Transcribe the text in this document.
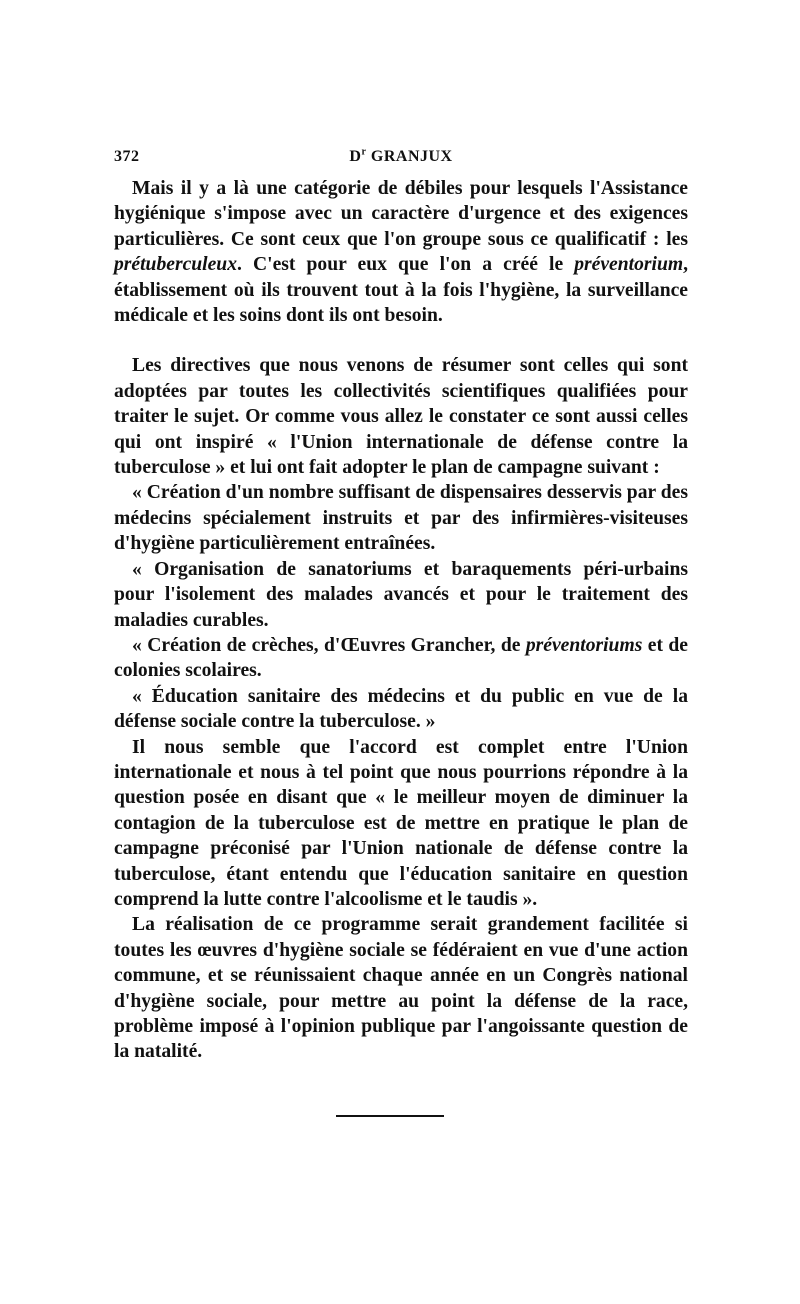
372	$D^r$ GRANJUX

Mais il y a là une catégorie de débiles pour lesquels l'Assistance hygiénique s'impose avec un caractère d'urgence et des exigences particulières. Ce sont ceux que l'on groupe sous ce qualificatif : les prétuberculeux. C'est pour eux que l'on a créé le préventorium, établissement où ils trouvent tout à la fois l'hygiène, la surveillance médicale et les soins dont ils ont besoin.

Les directives que nous venons de résumer sont celles qui sont adoptées par toutes les collectivités scientifiques qualifiées pour traiter le sujet. Or comme vous allez le constater ce sont aussi celles qui ont inspiré « l'Union internationale de défense contre la tuberculose » et lui ont fait adopter le plan de campagne suivant :

« Création d'un nombre suffisant de dispensaires desservis par des médecins spécialement instruits et par des infirmières-visiteuses d'hygiène particulièrement entraînées.

« Organisation de sanatoriums et baraquements péri-urbains pour l'isolement des malades avancés et pour le traitement des maladies curables.

« Création de crèches, d'Œuvres Grancher, de préventoriums et de colonies scolaires.

« Éducation sanitaire des médecins et du public en vue de la défense sociale contre la tuberculose. »

Il nous semble que l'accord est complet entre l'Union internationale et nous à tel point que nous pourrions répondre à la question posée en disant que « le meilleur moyen de diminuer la contagion de la tuberculose est de mettre en pratique le plan de campagne préconisé par l'Union nationale de défense contre la tuberculose, étant entendu que l'éducation sanitaire en question comprend la lutte contre l'alcoolisme et le taudis ».

La réalisation de ce programme serait grandement facilitée si toutes les œuvres d'hygiène sociale se fédéraient en vue d'une action commune, et se réunissaient chaque année en un Congrès national d'hygiène sociale, pour mettre au point la défense de la race, problème imposé à l'opinion publique par l'angoissante question de la natalité.
